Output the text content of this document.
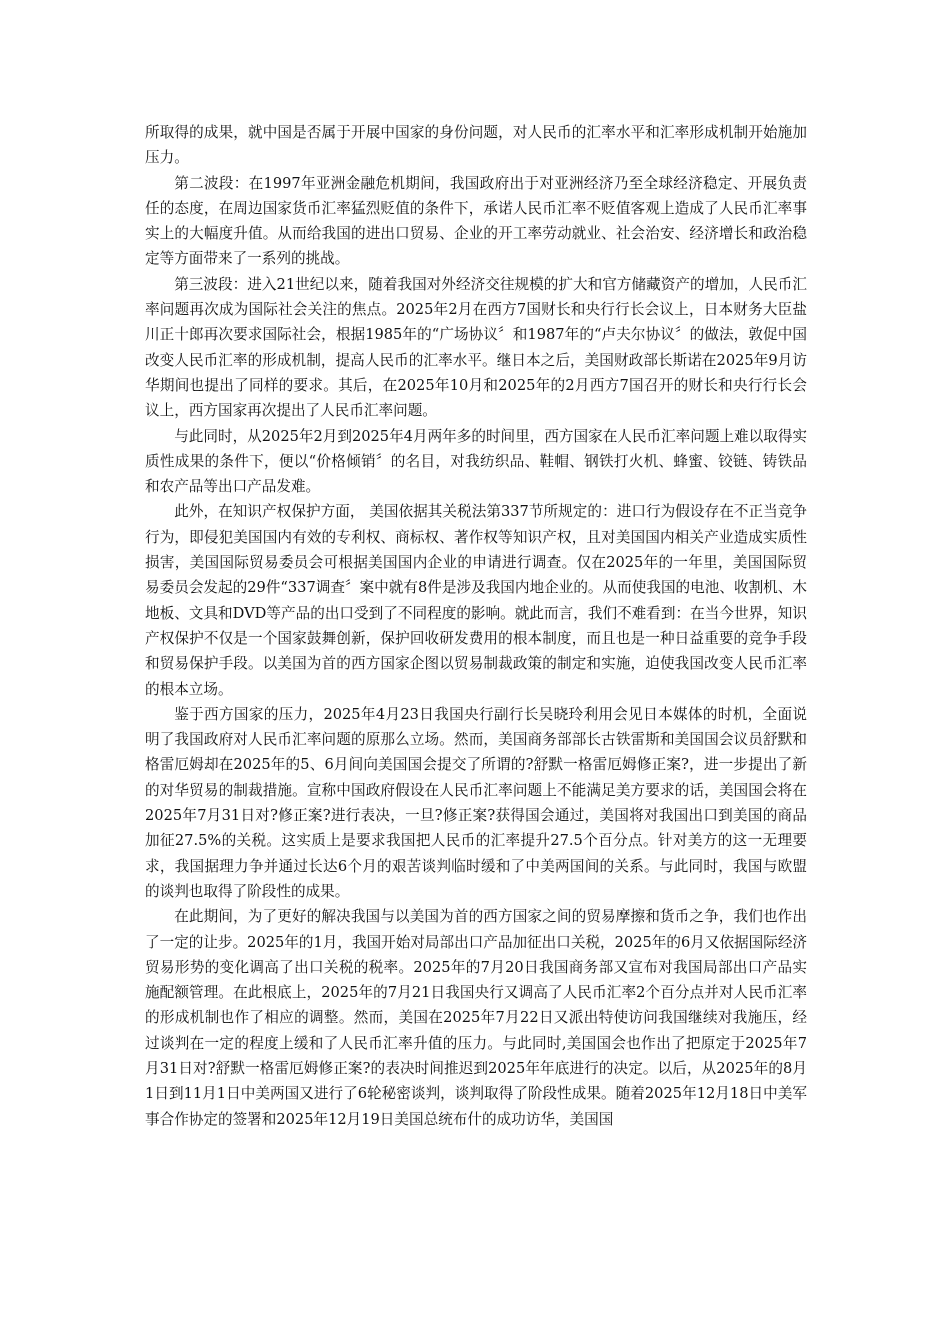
所取得的成果，就中国是否属于开展中国家的身份问题，对人民币的汇率水平和汇率形成机制开始施加压力。

第二波段：在1997年亚洲金融危机期间，我国政府出于对亚洲经济乃至全球经济稳定、开展负责任的态度，在周边国家货币汇率猛烈贬值的条件下，承诺人民币汇率不贬值客观上造成了人民币汇率事实上的大幅度升值。从而给我国的进出口贸易、企业的开工率劳动就业、社会治安、经济增长和政治稳定等方面带来了一系列的挑战。

第三波段：进入21世纪以来，随着我国对外经济交往规模的扩大和官方储藏资产的增加，人民币汇率问题再次成为国际社会关注的焦点。2025年2月在西方7国财长和央行行长会议上，日本财务大臣盐川正十郎再次要求国际社会，根据1985年的“广场协议〞和1987年的“卢夫尔协议〞的做法，敦促中国改变人民币汇率的形成机制，提高人民币的汇率水平。继日本之后，美国财政部长斯诺在2025年9月访华期间也提出了同样的要求。其后，在2025年10月和2025年的2月西方7国召开的财长和央行行长会议上，西方国家再次提出了人民币汇率问题。

与此同时，从2025年2月到2025年4月两年多的时间里，西方国家在人民币汇率问题上难以取得实质性成果的条件下，便以“价格倾销〞的名目，对我纺织品、鞋帽、钢铁打火机、蜂蜜、铰链、铸铁品和农产品等出口产品发难。

此外，在知识产权保护方面， 美国依据其关税法第337节所规定的：进口行为假设存在不正当竞争行为，即侵犯美国国内有效的专利权、商标权、著作权等知识产权，且对美国国内相关产业造成实质性损害，美国国际贸易委员会可根据美国国内企业的申请进行调查。仅在2025年的一年里，美国国际贸易委员会发起的29件“337调查〞案中就有8件是涉及我国内地企业的。从而使我国的电池、收割机、木地板、文具和DVD等产品的出口受到了不同程度的影响。就此而言，我们不难看到：在当今世界，知识产权保护不仅是一个国家鼓舞创新，保护回收研发费用的根本制度，而且也是一种日益重要的竞争手段和贸易保护手段。以美国为首的西方国家企图以贸易制裁政策的制定和实施，迫使我国改变人民币汇率的根本立场。

鉴于西方国家的压力，2025年4月23日我国央行副行长吴晓玲利用会见日本媒体的时机，全面说明了我国政府对人民币汇率问题的原那么立场。然而，美国商务部部长古铁雷斯和美国国会议员舒默和格雷厄姆却在2025年的5、6月间向美国国会提交了所谓的?舒默一格雷厄姆修正案?，进一步提出了新的对华贸易的制裁措施。宣称中国政府假设在人民币汇率问题上不能满足美方要求的话，美国国会将在2025年7月31日对?修正案?进行表决，一旦?修正案?获得国会通过，美国将对我国出口到美国的商品加征27.5%的关税。这实质上是要求我国把人民币的汇率提升27.5个百分点。针对美方的这一无理要求，我国据理力争并通过长达6个月的艰苦谈判临时缓和了中美两国间的关系。与此同时，我国与欧盟的谈判也取得了阶段性的成果。

在此期间，为了更好的解决我国与以美国为首的西方国家之间的贸易摩擦和货币之争，我们也作出了一定的让步。2025年的1月，我国开始对局部出口产品加征出口关税，2025年的6月又依据国际经济贸易形势的变化调高了出口关税的税率。2025年的7月20日我国商务部又宣布对我国局部出口产品实施配额管理。在此根底上，2025年的7月21日我国央行又调高了人民币汇率2个百分点并对人民币汇率的形成机制也作了相应的调整。然而，美国在2025年7月22日又派出特使访问我国继续对我施压，经过谈判在一定的程度上缓和了人民币汇率升值的压力。与此同时,美国国会也作出了把原定于2025年7月31日对?舒默一格雷厄姆修正案?的表决时间推迟到2025年年底进行的决定。以后，从2025年的8月1日到11月1日中美两国又进行了6轮秘密谈判，谈判取得了阶段性成果。随着2025年12月18日中美军事合作协定的签署和2025年12月19日美国总统布什的成功访华，美国国
